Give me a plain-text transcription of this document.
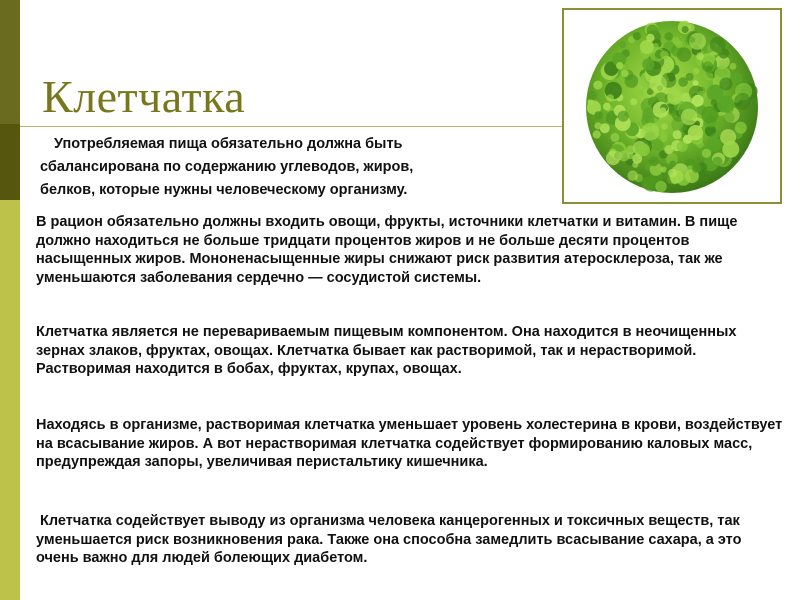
Клетчатка
Употребляемая пища обязательно должна быть
сбалансирована по содержанию углеводов, жиров,
белков, которые нужны человеческому организму.

В рацион обязательно должны входить овощи, фрукты, источники клетчатки и витамин. В пище должно находиться не больше тридцати процентов жиров и не больше десяти процентов насыщенных жиров. Мононенасыщенные жиры снижают риск развития атеросклероза, так же уменьшаются заболевания сердечно — сосудистой системы.

Клетчатка является не перевариваемым пищевым компонентом. Она находится в неочищенных зернах злаков, фруктах, овощах. Клетчатка бывает как растворимой, так и нерастворимой. Растворимая находится в бобах, фруктах, крупах, овощах.

Находясь в организме, растворимая клетчатка уменьшает уровень холестерина в крови, воздействует на всасывание жиров. А вот нерастворимая клетчатка содействует формированию каловых масс, предупреждая запоры, увеличивая перистальтику кишечника.

Клетчатка содействует выводу из организма человека канцерогенных и токсичных веществ, так уменьшается риск возникновения рака. Также она способна замедлить всасывание сахара, а это очень важно для людей болеющих диабетом.
